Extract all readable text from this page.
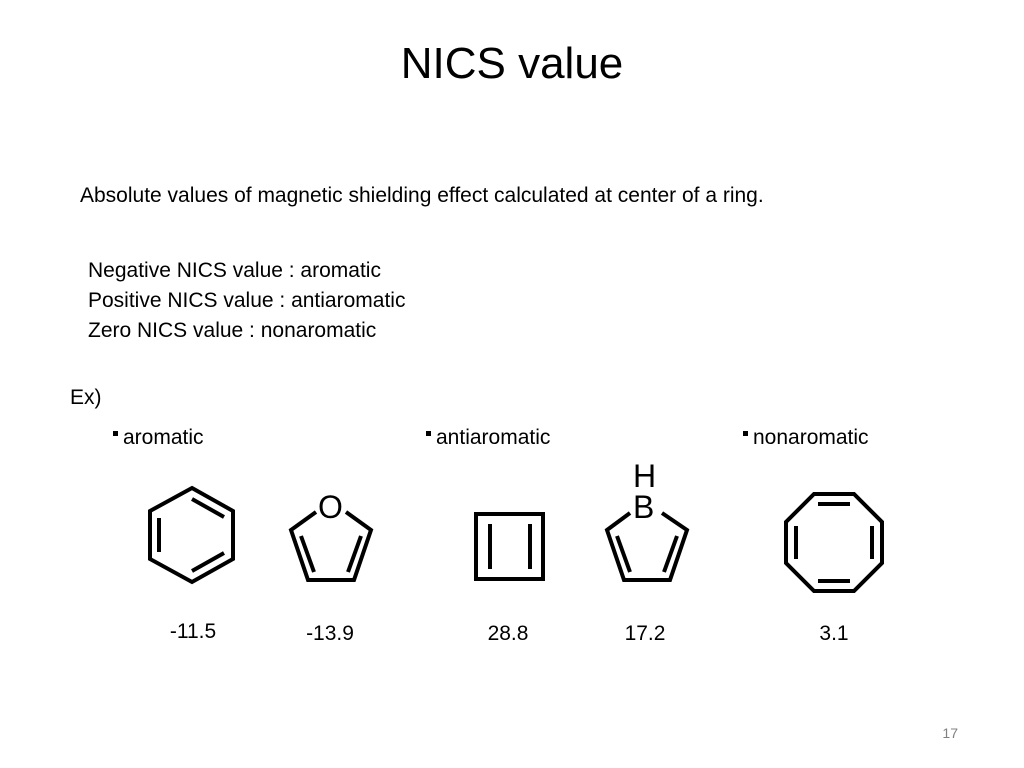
NICS value
Absolute values of magnetic shielding effect calculated at center of a ring.
Negative NICS value : aromatic
Positive NICS value : antiaromatic
Zero NICS value : nonaromatic
Ex)
aromatic	antiaromatic	nonaromatic
O
H
B
-11.5	-13.9	28.8	17.2	3.1
17
